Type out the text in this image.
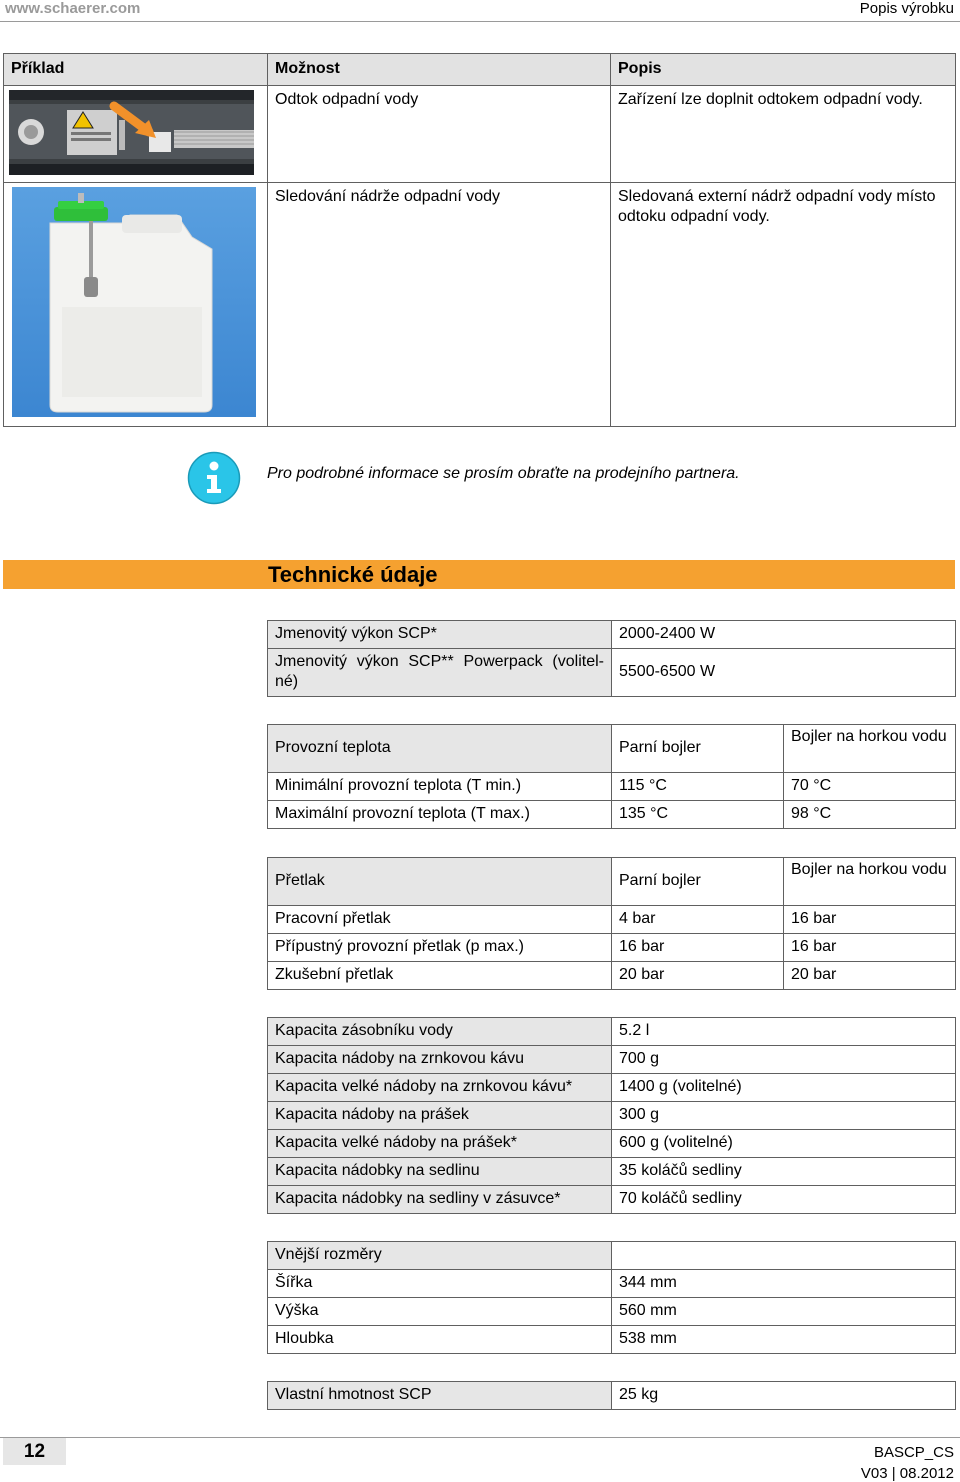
www.schaerer.com	Popis výrobku
Příklad	Možnost	Popis

	Odtok odpadní vody	Zařízení lze doplnit odtokem odpadní vody.

	Sledování nádrže odpadní vody	Sledovaná externí nádrž odpadní vody místo odtoku odpadní vody.
Pro podrobné informace se prosím obraťte na prodejního partnera.
Technické údaje
Jmenovitý výkon SCP*	2000-2400 W
Jmenovitý výkon SCP** Powerpack (volitel-né)	5500-6500 W
Provozní teplota	Parní bojler	Bojler na horkou vodu
Minimální provozní teplota (T min.)	115 °C	70 °C
Maximální provozní teplota (T max.)	135 °C	98 °C
Přetlak	Parní bojler	Bojler na horkou vodu
Pracovní přetlak	4 bar	16 bar
Přípustný provozní přetlak (p max.)	16 bar	16 bar
Zkušební přetlak	20 bar	20 bar
Kapacita zásobníku vody	5.2 l
Kapacita nádoby na zrnkovou kávu	700 g
Kapacita velké nádoby na zrnkovou kávu*	1400 g (volitelné)
Kapacita nádoby na prášek	300 g
Kapacita velké nádoby na prášek*	600 g (volitelné)
Kapacita nádobky na sedlinu	35 koláčů sedliny
Kapacita nádobky na sedliny v zásuvce*	70 koláčů sedliny
Vnější rozměry	
Šířka	344 mm
Výška	560 mm
Hloubka	538 mm
Vlastní hmotnost SCP	25 kg
12	BASCP_CS
V03 | 08.2012
